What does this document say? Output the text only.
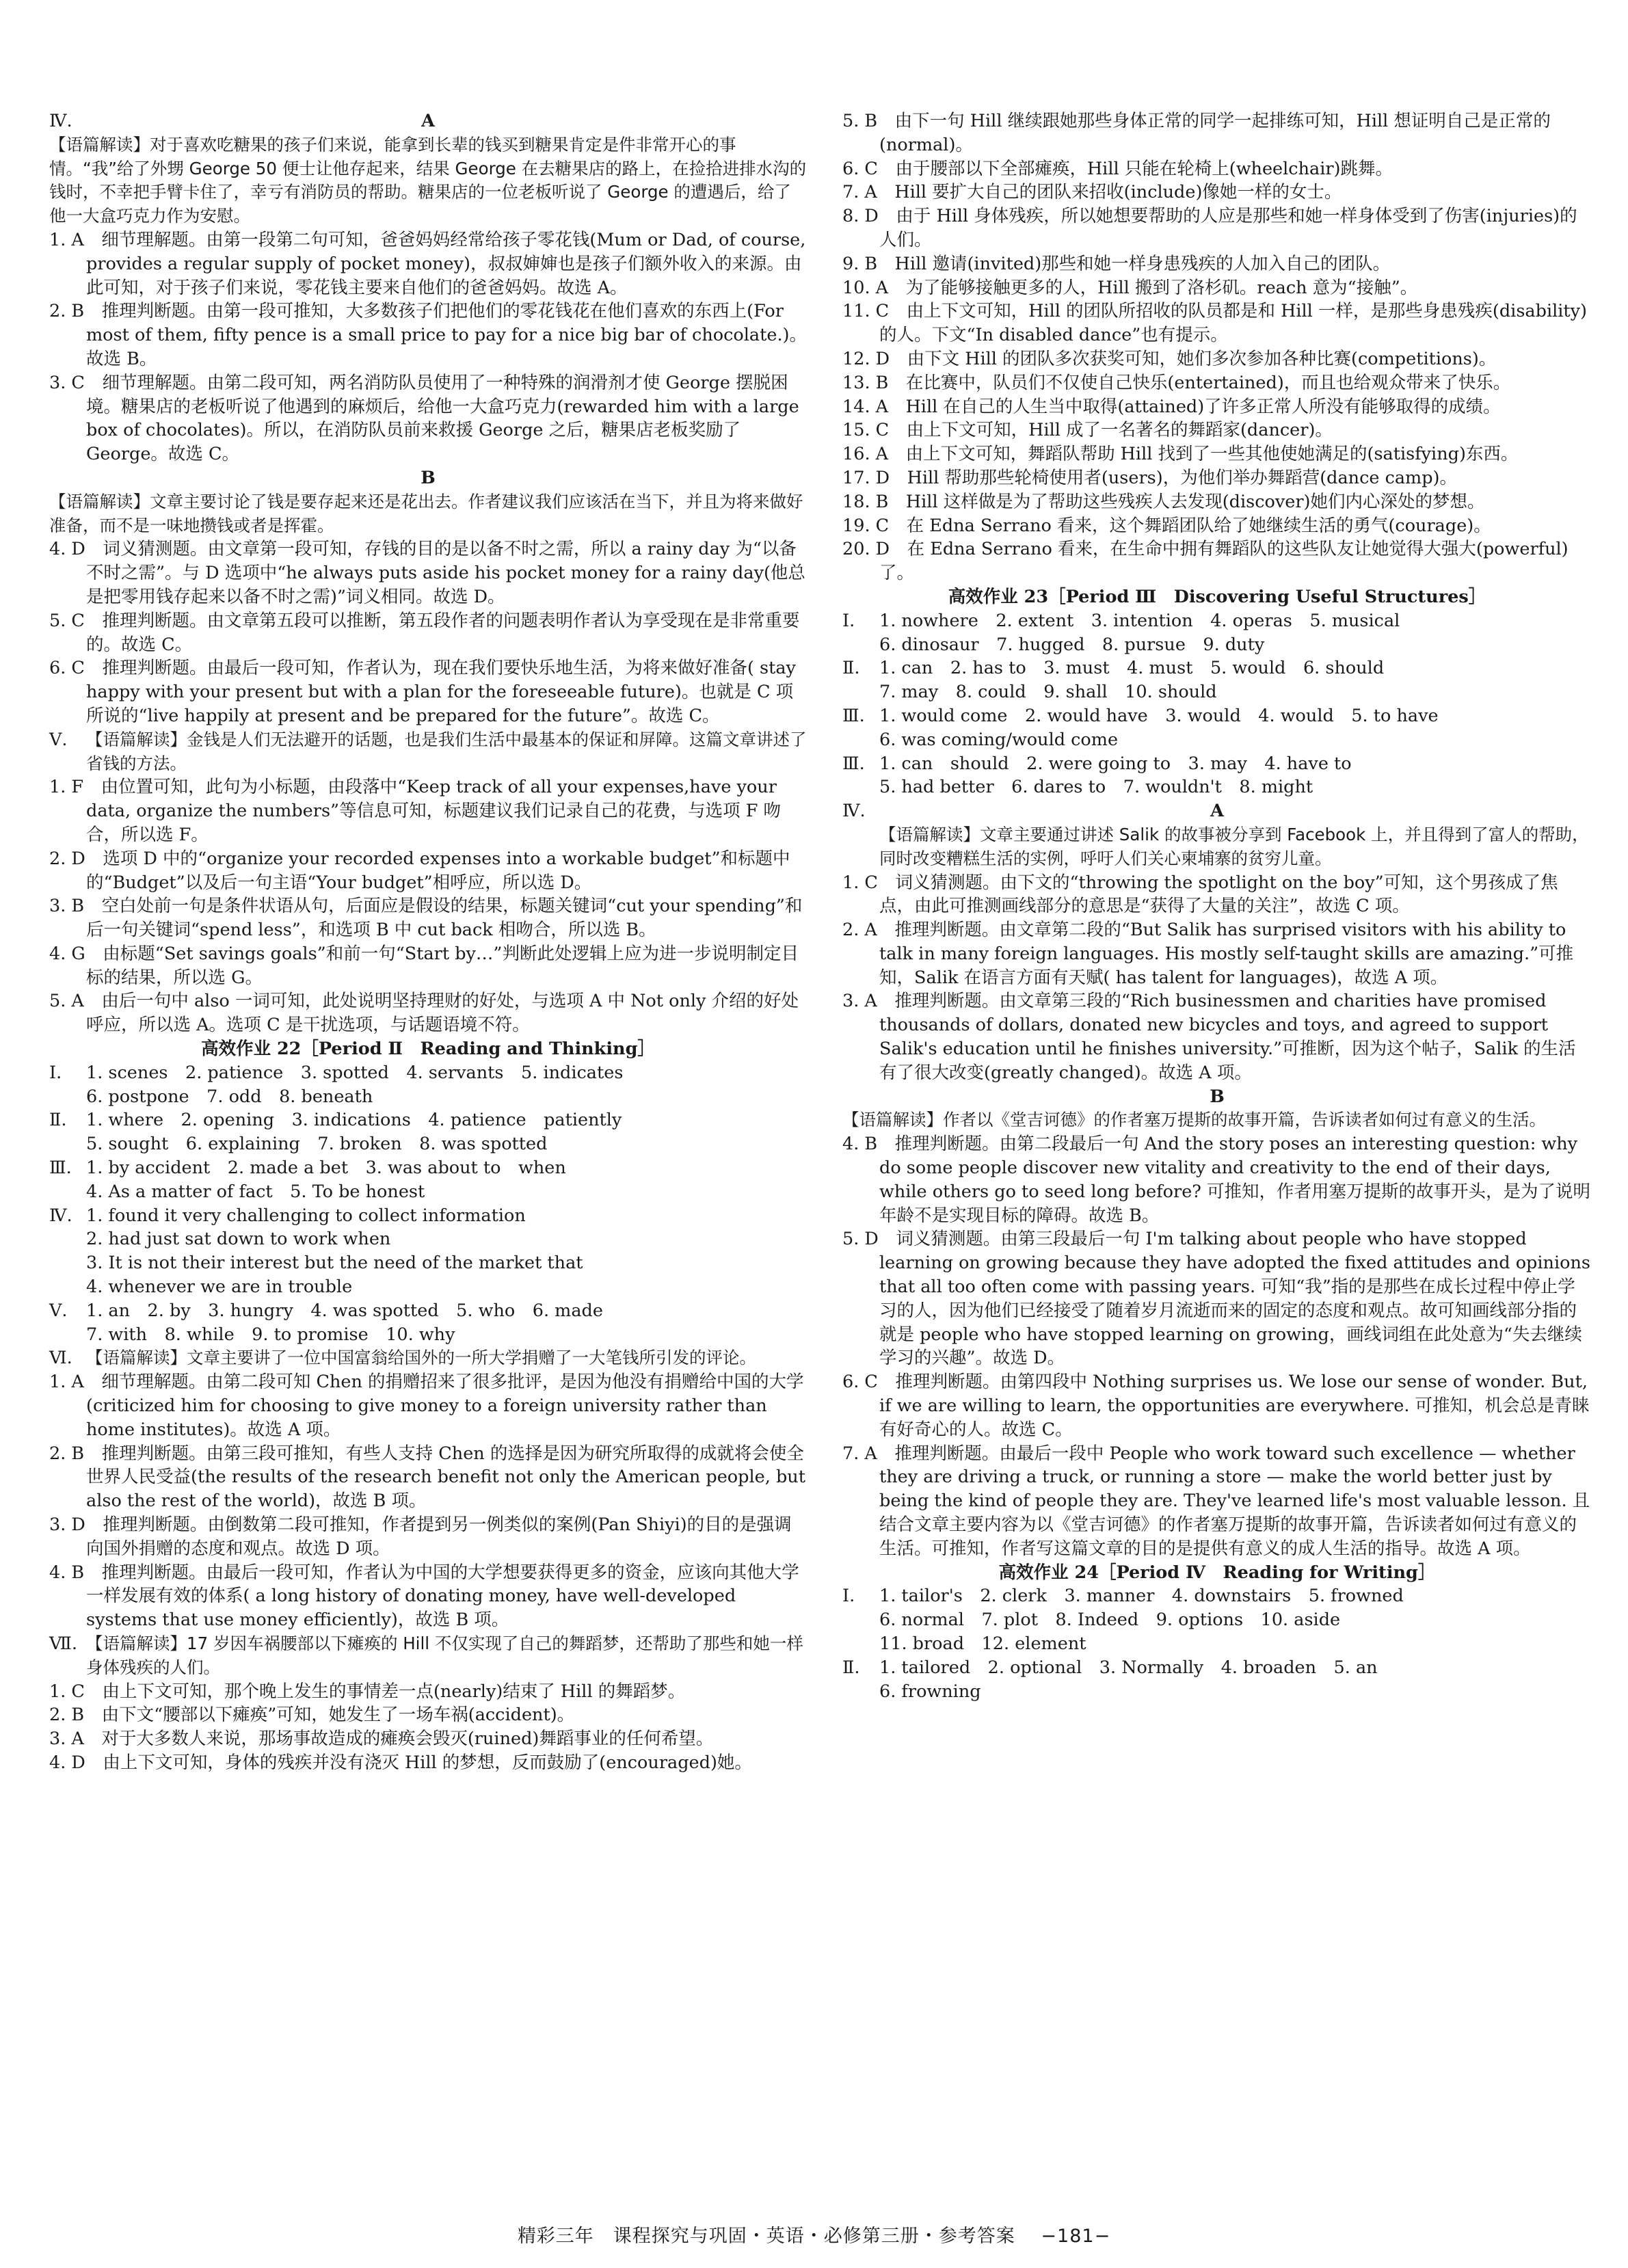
Ⅳ.	A

【语篇解读】对于喜欢吃糖果的孩子们来说，能拿到长辈的钱买到糖果肯定是件非常开心的事情。“我”给了外甥 George 50 便士让他存起来，结果 George 在去糖果店的路上，在捡拾进排水沟的钱时，不幸把手臂卡住了，幸亏有消防员的帮助。糖果店的一位老板听说了 George 的遭遇后，给了他一大盒巧克力作为安慰。

1. A　细节理解题。由第一段第二句可知，爸爸妈妈经常给孩子零花钱(Mum or Dad, of course, provides a regular supply of pocket money)，叔叔婶婶也是孩子们额外收入的来源。由此可知，对于孩子们来说，零花钱主要来自他们的爸爸妈妈。故选 A。

2. B　推理判断题。由第一段可推知，大多数孩子们把他们的零花钱花在他们喜欢的东西上(For most of them, fifty pence is a small price to pay for a nice big bar of chocolate.)。故选 B。

3. C　细节理解题。由第二段可知，两名消防队员使用了一种特殊的润滑剂才使 George 摆脱困境。糖果店的老板听说了他遇到的麻烦后，给他一大盒巧克力(rewarded him with a large box of chocolates)。所以，在消防队员前来救援 George 之后，糖果店老板奖励了 George。故选 C。

B

【语篇解读】文章主要讨论了钱是要存起来还是花出去。作者建议我们应该活在当下，并且为将来做好准备，而不是一味地攒钱或者是挥霍。

4. D　词义猜测题。由文章第一段可知，存钱的目的是以备不时之需，所以 a rainy day 为“以备不时之需”。与 D 选项中“he always puts aside his pocket money for a rainy day(他总是把零用钱存起来以备不时之需)”词义相同。故选 D。

5. C　推理判断题。由文章第五段可以推断，第五段作者的问题表明作者认为享受现在是非常重要的。故选 C。

6. C　推理判断题。由最后一段可知，作者认为，现在我们要快乐地生活，为将来做好准备( stay happy with your present but with a plan for the foreseeable future)。也就是 C 项所说的“live happily at present and be prepared for the future”。故选 C。

Ⅴ.	【语篇解读】金钱是人们无法避开的话题，也是我们生活中最基本的保证和屏障。这篇文章讲述了省钱的方法。

1. F　由位置可知，此句为小标题，由段落中“Keep track of all your expenses,have your data, organize the numbers”等信息可知，标题建议我们记录自己的花费，与选项 F 吻合，所以选 F。

2. D　选项 D 中的“organize your recorded expenses into a workable budget”和标题中的“Budget”以及后一句主语“Your budget”相呼应，所以选 D。

3. B　空白处前一句是条件状语从句，后面应是假设的结果，标题关键词“cut your spending”和后一句关键词“spend less”，和选项 B 中 cut back 相吻合，所以选 B。

4. G　由标题“Set savings goals”和前一句“Start by…”判断此处逻辑上应为进一步说明制定目标的结果，所以选 G。

5. A　由后一句中 also 一词可知，此处说明坚持理财的好处，与选项 A 中 Not only 介绍的好处呼应，所以选 A。选项 C 是干扰选项，与话题语境不符。

高效作业 22［Period Ⅱ　Reading and Thinking］
Ⅰ.	1. scenes　2. patience　3. spotted　4. servants　5. indicates
6. postpone　7. odd　8. beneath
Ⅱ.	1. where　2. opening　3. indications　4. patience　patiently
5. sought　6. explaining　7. broken　8. was spotted
Ⅲ. 1. by accident　2. made a bet　3. was about to　when
4. As a matter of fact　5. To be honest
Ⅳ. 1. found it very challenging to collect information
2. had just sat down to work when
3. It is not their interest but the need of the market that
4. whenever we are in trouble
Ⅴ.	1. an　2. by　3. hungry　4. was spotted　5. who　6. made
7. with　8. while　9. to promise　10. why
Ⅵ. 【语篇解读】文章主要讲了一位中国富翁给国外的一所大学捐赠了一大笔钱所引发的评论。

1. A　细节理解题。由第二段可知 Chen 的捐赠招来了很多批评，是因为他没有捐赠给中国的大学(criticized him for choosing to give money to a foreign university rather than home institutes)。故选 A 项。

2. B　推理判断题。由第三段可推知，有些人支持 Chen 的选择是因为研究所取得的成就将会使全世界人民受益(the results of the research benefit not only the American people, but also the rest of the world)，故选 B 项。

3. D　推理判断题。由倒数第二段可推知，作者提到另一例类似的案例(Pan Shiyi)的目的是强调向国外捐赠的态度和观点。故选 D 项。

4. B　推理判断题。由最后一段可知，作者认为中国的大学想要获得更多的资金，应该向其他大学一样发展有效的体系( a long history of donating money, have well-developed systems that use money efficiently)，故选 B 项。

Ⅶ. 【语篇解读】17 岁因车祸腰部以下瘫痪的 Hill 不仅实现了自己的舞蹈梦，还帮助了那些和她一样身体残疾的人们。

1. C　由上下文可知，那个晚上发生的事情差一点(nearly)结束了 Hill 的舞蹈梦。

2. B　由下文“腰部以下瘫痪”可知，她发生了一场车祸(accident)。

3. A　对于大多数人来说，那场事故造成的瘫痪会毁灭(ruined)舞蹈事业的任何希望。

4. D　由上下文可知，身体的残疾并没有浇灭 Hill 的梦想，反而鼓励了(encouraged)她。

5. B　由下一句 Hill 继续跟她那些身体正常的同学一起排练可知，Hill 想证明自己是正常的(normal)。

6. C　由于腰部以下全部瘫痪，Hill 只能在轮椅上(wheelchair)跳舞。

7. A　Hill 要扩大自己的团队来招收(include)像她一样的女士。

8. D　由于 Hill 身体残疾，所以她想要帮助的人应是那些和她一样身体受到了伤害(injuries)的人们。

9. B　Hill 邀请(invited)那些和她一样身患残疾的人加入自己的团队。

10. A　为了能够接触更多的人，Hill 搬到了洛杉矶。reach 意为“接触”。

11. C　由上下文可知，Hill 的团队所招收的队员都是和 Hill 一样，是那些身患残疾(disability)的人。下文“In disabled dance”也有提示。

12. D　由下文 Hill 的团队多次获奖可知，她们多次参加各种比赛(competitions)。

13. B　在比赛中，队员们不仅使自己快乐(entertained)，而且也给观众带来了快乐。

14. A　Hill 在自己的人生当中取得(attained)了许多正常人所没有能够取得的成绩。

15. C　由上下文可知，Hill 成了一名著名的舞蹈家(dancer)。

16. A　由上下文可知，舞蹈队帮助 Hill 找到了一些其他使她满足的(satisfying)东西。

17. D　Hill 帮助那些轮椅使用者(users)，为他们举办舞蹈营(dance camp)。

18. B　Hill 这样做是为了帮助这些残疾人去发现(discover)她们内心深处的梦想。

19. C　在 Edna Serrano 看来，这个舞蹈团队给了她继续生活的勇气(courage)。

20. D　在 Edna Serrano 看来，在生命中拥有舞蹈队的这些队友让她觉得大强大(powerful)了。

高效作业 23［Period Ⅲ　Discovering Useful Structures］
Ⅰ.	1. nowhere　2. extent　3. intention　4. operas　5. musical
6. dinosaur　7. hugged　8. pursue　9. duty
Ⅱ.	1. can　2. has to　3. must　4. must　5. would　6. should
7. may　8. could　9. shall　10. should
Ⅲ. 1. would come　2. would have　3. would　4. would　5. to have
6. was coming/would come
Ⅲ. 1. can　should　2. were going to　3. may　4. have to
5. had better　6. dares to　7. wouldn't　8. might
Ⅳ.	A

【语篇解读】文章主要通过讲述 Salik 的故事被分享到 Facebook 上，并且得到了富人的帮助，同时改变糟糕生活的实例，呼吁人们关心柬埔寨的贫穷儿童。

1. C　词义猜测题。由下文的“throwing the spotlight on the boy”可知，这个男孩成了焦点，由此可推测画线部分的意思是“获得了大量的关注”，故选 C 项。

2. A　推理判断题。由文章第二段的“But Salik has surprised visitors with his ability to talk in many foreign languages. His mostly self-taught skills are amazing.”可推知，Salik 在语言方面有天赋( has talent for languages)，故选 A 项。

3. A　推理判断题。由文章第三段的“Rich businessmen and charities have promised thousands of dollars, donated new bicycles and toys, and agreed to support Salik's education until he finishes university.”可推断，因为这个帖子，Salik 的生活有了很大改变(greatly changed)。故选 A 项。

B

【语篇解读】作者以《堂吉诃德》的作者塞万提斯的故事开篇，告诉读者如何过有意义的生活。

4. B　推理判断题。由第二段最后一句 And the story poses an interesting question: why do some people discover new vitality and creativity to the end of their days, while others go to seed long before? 可推知，作者用塞万提斯的故事开头，是为了说明年龄不是实现目标的障碍。故选 B。

5. D　词义猜测题。由第三段最后一句 I'm talking about people who have stopped learning on growing because they have adopted the fixed attitudes and opinions that all too often come with passing years. 可知“我”指的是那些在成长过程中停止学习的人，因为他们已经接受了随着岁月流逝而来的固定的态度和观点。故可知画线部分指的就是 people who have stopped learning on growing，画线词组在此处意为“失去继续学习的兴趣”。故选 D。

6. C　推理判断题。由第四段中 Nothing surprises us. We lose our sense of wonder. But, if we are willing to learn, the opportunities are everywhere. 可推知，机会总是青睐有好奇心的人。故选 C。

7. A　推理判断题。由最后一段中 People who work toward such excellence — whether they are driving a truck, or running a store — make the world better just by being the kind of people they are. They've learned life's most valuable lesson. 且结合文章主要内容为以《堂吉诃德》的作者塞万提斯的故事开篇，告诉读者如何过有意义的生活。可推知，作者写这篇文章的目的是提供有意义的成人生活的指导。故选 A 项。

高效作业 24［Period Ⅳ　Reading for Writing］
Ⅰ.	1. tailor's　2. clerk　3. manner　4. downstairs　5. frowned
6. normal　7. plot　8. Indeed　9. options　10. aside
11. broad　12. element
Ⅱ.	1. tailored　2. optional　3. Normally　4. broaden　5. an
6. frowning
精彩三年　课程探究与巩固・英语・必修第三册・参考答案 −181−
